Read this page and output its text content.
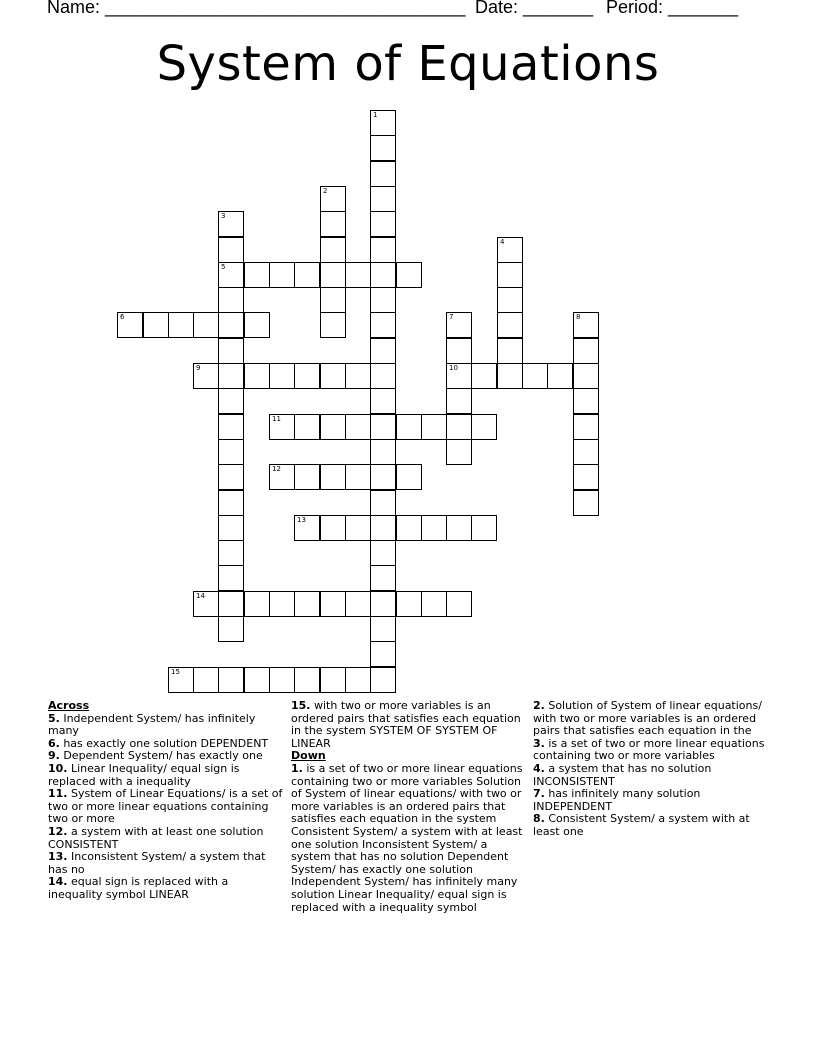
Name: ____________________________________

Date: _______

Period: _______

System of Equations
1
2
3
5
4
6	7
10
8
9
11
12
13
14
15
Across
5. Independent System/ has infinitely many
6. has exactly one solution DEPENDENT
9. Dependent System/ has exactly one
10. Linear Inequality/ equal sign is replaced with a inequality
11. System of Linear Equations/ is a set of two or more linear equations containing two or more
12. a system with at least one solution CONSISTENT
13. Inconsistent System/ a system that has no
14. equal sign is replaced with a inequality symbol LINEAR
15. with two or more variables is an ordered pairs that satisfies each equation in the system SYSTEM OF SYSTEM OF LINEAR
Down
1. is a set of two or more linear equations containing two or more variables Solution of System of linear equations/ with two or more variables is an ordered pairs that satisfies each equation in the system Consistent System/ a system with at least one solution Inconsistent System/ a system that has no solution Dependent System/ has exactly one solution Independent System/ has infinitely many solution Linear Inequality/ equal sign is replaced with a inequality symbol
2. Solution of System of linear equations/ with two or more variables is an ordered pairs that satisfies each equation in the
3. is a set of two or more linear equations containing two or more variables
4. a system that has no solution INCONSISTENT
7. has infinitely many solution INDEPENDENT
8. Consistent System/ a system with at least one
